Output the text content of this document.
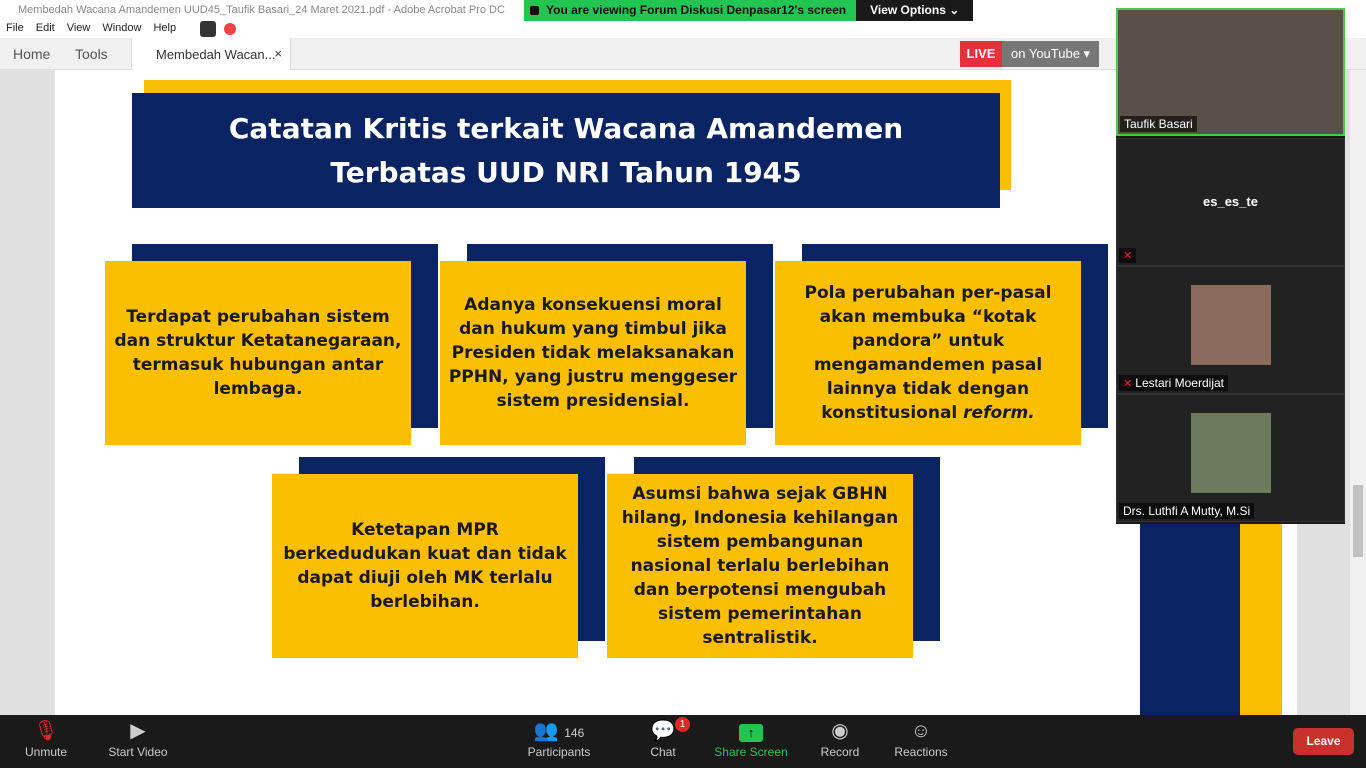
Membedah Wacana Amandemen UUD45_Taufik Basari_24 Maret 2021.pdf - Adobe Acrobat Pro DC
File Edit View Window Help
You are viewing Forum Diskusi Denpasar12's screen	View Options ⌄
Home Tools	Membedah Wacan...
×	LIVE	on YouTube ▾
Catatan Kritis terkait Wacana Amandemen
Terbatas UUD NRI Tahun 1945
Terdapat perubahan sistem dan struktur Ketatanegaraan, termasuk hubungan antar lembaga.
Adanya konsekuensi moral dan hukum yang timbul jika Presiden tidak melaksanakan PPHN, yang justru menggeser sistem presidensial.
Pola perubahan per-pasal akan membuka “kotak pandora” untuk mengamandemen pasal lainnya tidak dengan konstitusional reform.
Ketetapan MPR berkedudukan kuat dan tidak dapat diuji oleh MK terlalu berlebihan.
Asumsi bahwa sejak GBHN hilang, Indonesia kehilangan sistem pembangunan nasional terlalu berlebihan dan berpotensi mengubah sistem pemerintahan sentralistik.
Taufik Basari
es_es_te
✕
✕ Lestari Moerdijat
Drs. Luthfi A Mutty, M.Si
🎙
Unmute
▶
Start Video
👥 146
Participants
💬
Chat
1
↑
Share Screen
◉
Record
☺
Reactions
Leave
